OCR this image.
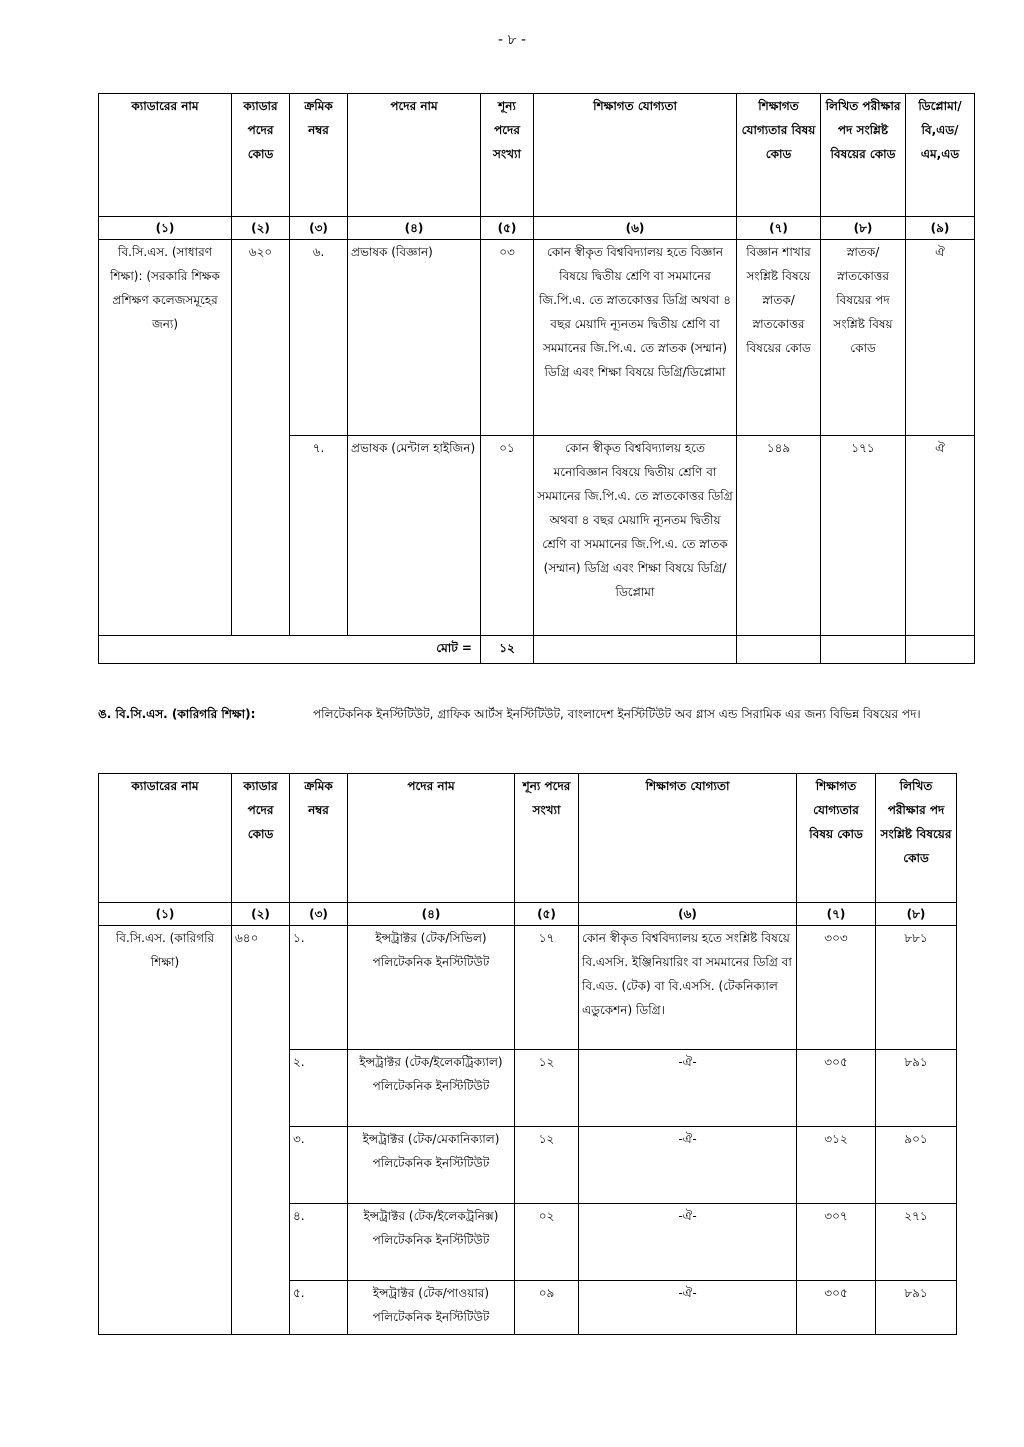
- ৮ -
ক্যাডারের নাম	ক্যাডার পদের কোড	ক্রমিক নম্বর	পদের নাম	শূন্য পদের সংখ্যা	শিক্ষাগত যোগ্যতা	শিক্ষাগত যোগ্যতার বিষয় কোড	লিখিত পরীক্ষার পদ সংশ্লিষ্ট বিষয়ের কোড	ডিপ্লোমা/ বি,এড/ এম,এড
(১)	(২)	(৩)	(৪)	(৫)	(৬)	(৭)	(৮)	(৯)
বি.সি.এস. (সাধারণ শিক্ষা): (সরকারি শিক্ষক প্রশিক্ষণ কলেজসমূহের জন্য)	৬২০	৬.	প্রভাষক (বিজ্ঞান)	০৩	কোন স্বীকৃত বিশ্ববিদ্যালয় হতে বিজ্ঞান বিষয়ে দ্বিতীয় শ্রেণি বা সমমানের জি.পি.এ. তে স্নাতকোত্তর ডিগ্রি অথবা ৪ বছর মেয়াদি ন্যূনতম দ্বিতীয় শ্রেণি বা সমমানের জি.পি.এ. তে স্নাতক (সম্মান) ডিগ্রি এবং শিক্ষা বিষয়ে ডিগ্রি/ডিপ্লোমা	বিজ্ঞান শাখার সংশ্লিষ্ট বিষয়ে স্নাতক/ স্নাতকোত্তর বিষয়ের কোড	স্নাতক/ স্নাতকোত্তর বিষয়ের পদ সংশ্লিষ্ট বিষয় কোড	ঐ
		৭.	প্রভাষক (মেন্টাল হাইজিন)	০১	কোন স্বীকৃত বিশ্ববিদ্যালয় হতে মনোবিজ্ঞান বিষয়ে দ্বিতীয় শ্রেণি বা সমমানের জি.পি.এ. তে স্নাতকোত্তর ডিগ্রি অথবা ৪ বছর মেয়াদি ন্যূনতম দ্বিতীয় শ্রেণি বা সমমানের জি.পি.এ. তে স্নাতক (সম্মান) ডিগ্রি এবং শিক্ষা বিষয়ে ডিগ্রি/ডিপ্লোমা	১৪৯	১৭১	ঐ
মোট =				১২				
ঙ. বি.সি.এস. (কারিগরি শিক্ষা):	পলিটেকনিক ইনস্টিটিউট, গ্রাফিক আর্টস ইনস্টিটিউট, বাংলাদেশ ইনস্টিটিউট অব গ্লাস এন্ড সিরামিক এর জন্য বিভিন্ন বিষয়ের পদ।
ক্যাডারের নাম	ক্যাডার পদের কোড	ক্রমিক নম্বর	পদের নাম	শূন্য পদের সংখ্যা	শিক্ষাগত যোগ্যতা	শিক্ষাগত যোগ্যতার বিষয় কোড	লিখিত পরীক্ষার পদ সংশ্লিষ্ট বিষয়ের কোড
(১)	(২)	(৩)	(৪)	(৫)	(৬)	(৭)	(৮)
বি.সি.এস. (কারিগরি শিক্ষা)	৬৪০	১.	ইন্সট্রাক্টর (টেক/সিভিল) পলিটেকনিক ইনস্টিটিউট	১৭	কোন স্বীকৃত বিশ্ববিদ্যালয় হতে সংশ্লিষ্ট বিষয়ে বি.এসসি. ইঞ্জিনিয়ারিং বা সমমানের ডিগ্রি বা বি.এড. (টেক) বা বি.এসসি. (টেকনিক্যাল এডুকেশন) ডিগ্রি।	৩০৩	৮৮১
		২.	ইন্সট্রাক্টর (টেক/ইলেকট্রিক্যাল) পলিটেকনিক ইনস্টিটিউট	১২	-ঐ-	৩০৫	৮৯১
		৩.	ইন্সট্রাক্টর (টেক/মেকানিক্যাল) পলিটেকনিক ইনস্টিটিউট	১২	-ঐ-	৩১২	৯০১
		৪.	ইন্সট্রাক্টর (টেক/ইলেকট্রনিক্স) পলিটেকনিক ইনস্টিটিউট	০২	-ঐ-	৩০৭	২৭১
		৫.	ইন্সট্রাক্টর (টেক/পাওয়ার) পলিটেকনিক ইনস্টিটিউট	০৯	-ঐ-	৩০৫	৮৯১
